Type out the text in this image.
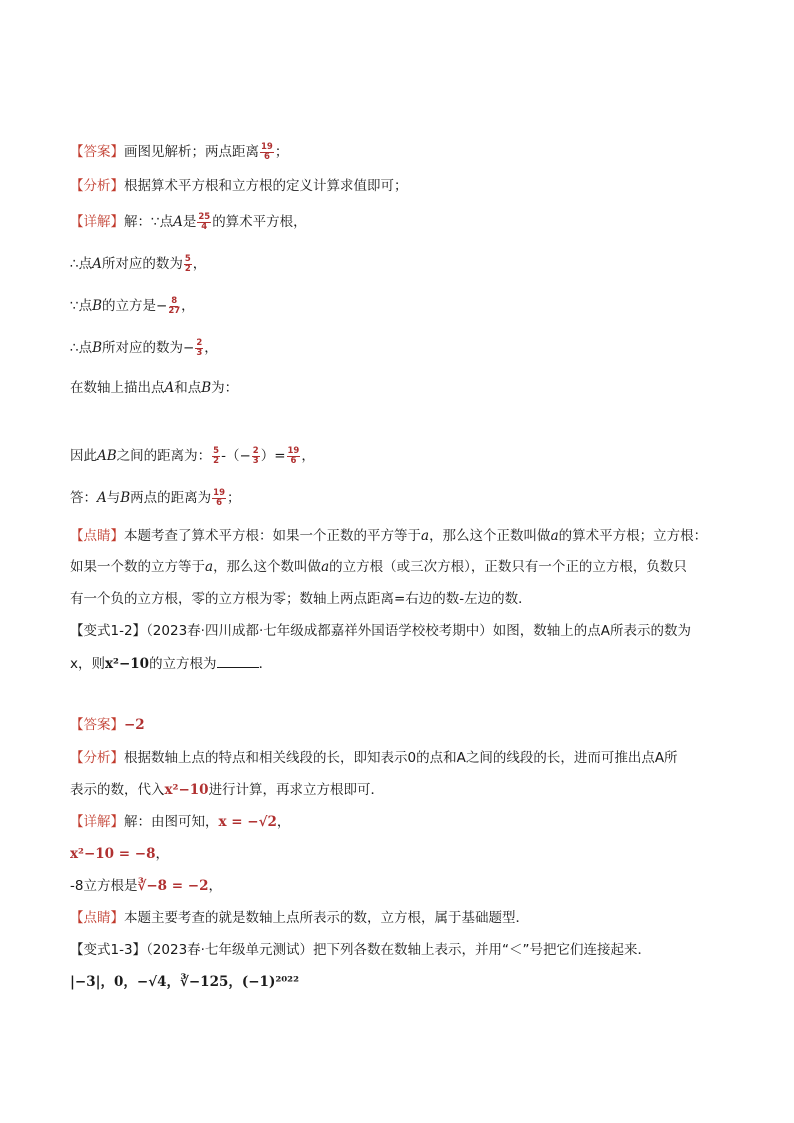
【答案】画图见解析；两点距离 $\frac{19}{6}$ ；
【分析】根据算术平方根和立方根的定义计算求值即可；
【详解】解：∵点A是 $\frac{25}{4}$ 的算术平方根，
∴点A所对应的数为 $\frac{5}{2}$ ，
∵点B的立方是− $\frac{8}{27}$ ，
∴点B所对应的数为− $\frac{2}{3}$ ，
在数轴上描出点A和点B为：
因此AB之间的距离为： $\frac{5}{2}$ -（− $\frac{2}{3}$ ）= $\frac{19}{6}$ ，
答：A与B两点的距离为 $\frac{19}{6}$ ；
【点睛】本题考查了算术平方根：如果一个正数的平方等于a，那么这个正数叫做a的算术平方根；立方根：
如果一个数的立方等于a，那么这个数叫做a的立方根（或三次方根），正数只有一个正的立方根，负数只
有一个负的立方根，零的立方根为零；数轴上两点距离=右边的数-左边的数．
【变式1-2】（2023春·四川成都·七年级成都嘉祥外国语学校校考期中）如图，数轴上的点A所表示的数为
x，则x²−10的立方根为	．
【答案】−2
【分析】根据数轴上点的特点和相关线段的长，即知表示0的点和A之间的线段的长，进而可推出点A所
表示的数，代入x²−10进行计算，再求立方根即可．
【详解】解：由图可知，x = −√2，
x²−10 = −8，
-8立方根是∛−8 = −2，
【点睛】本题主要考查的就是数轴上点所表示的数，立方根，属于基础题型．
【变式1-3】（2023春·七年级单元测试）把下列各数在数轴上表示，并用“＜”号把它们连接起来．
|−3|，0，−√4，∛−125，(−1)²⁰²²
